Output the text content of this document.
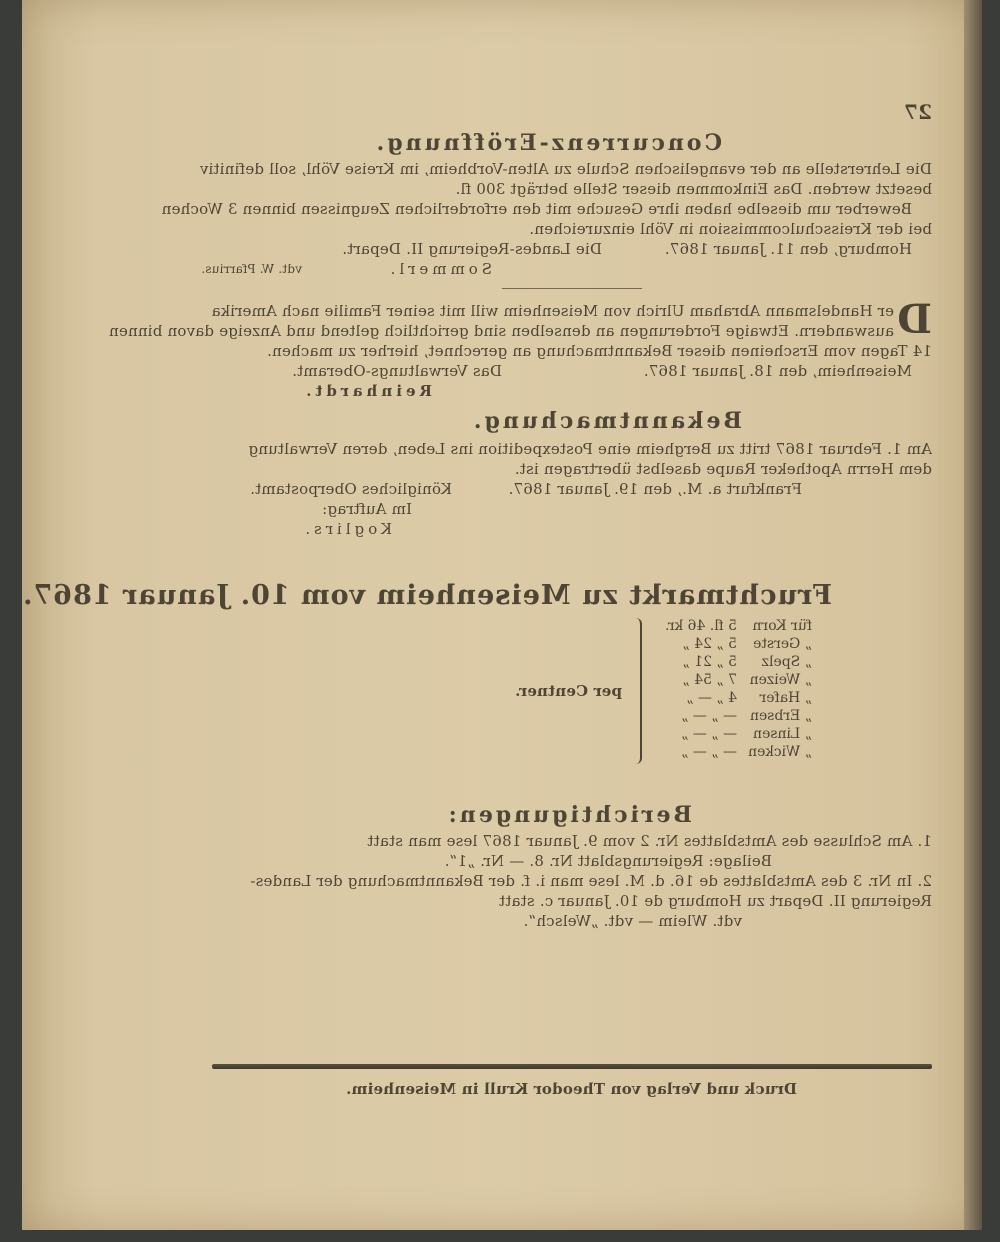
27
Concurrenz-Eröffnung.
Die Lehrerstelle an der evangelischen Schule zu Alten-Vorbheim, im Kreise Vöhl, soll definitiv
besetzt werden. Das Einkommen dieser Stelle beträgt 300 fl.
Bewerber um dieselbe haben ihre Gesuche mit den erforderlichen Zeugnissen binnen 3 Wochen
bei der Kreisschulcommission in Vöhl einzureichen.
Homburg, den 11. Januar 1867.
Die Landes-Regierung II. Depart.
Sommerl.
vdt. W. Pfarrius.
D
er Handelsmann Abraham Ulrich von Meisenheim will mit seiner Familie nach Amerika
auswandern. Etwaige Forderungen an denselben sind gerichtlich geltend und Anzeige davon binnen
14 Tagen vom Erscheinen dieser Bekanntmachung an gerechnet, hierher zu machen.
Meisenheim, den 18. Januar 1867.
Das Verwaltungs-Oberamt.
Reinhardt.
Bekanntmachung.
Am 1. Februar 1867 tritt zu Bergheim eine Postexpedition ins Leben, deren Verwaltung
dem Herrn Apotheker Raupe daselbst übertragen ist.
Frankfurt a. M., den 19. Januar 1867.
Königliches Oberpostamt.
Im Auftrag:
Koglirs.
Fruchtmarkt zu Meisenheim vom 10. Januar 1867.
für Korn
5 fl. 46 kr.
„ Gerste
5 „ 24 „
„ Spelz
5 „ 21 „
„ Weizen
7 „ 54 „
„ Hafer
4 „ — „
„ Erbsen
— „ — „
„ Linsen
— „ — „
„ Wicken
— „ — „
per Centner.
Berichtigungen:
1. Am Schlusse des Amtsblattes Nr. 2 vom 9. Januar 1867 lese man statt
Beilage: Regierungsblatt Nr. 8. — Nr. „1“.
2. In Nr. 3 des Amtsblattes de 16. d. M. lese man i. f. der Bekanntmachung der Landes-
Regierung II. Depart zu Homburg de 10. Januar c. statt
vdt. Wleim — vdt. „Welsch“.
Druck und Verlag von Theodor Krull in Meisenheim.
